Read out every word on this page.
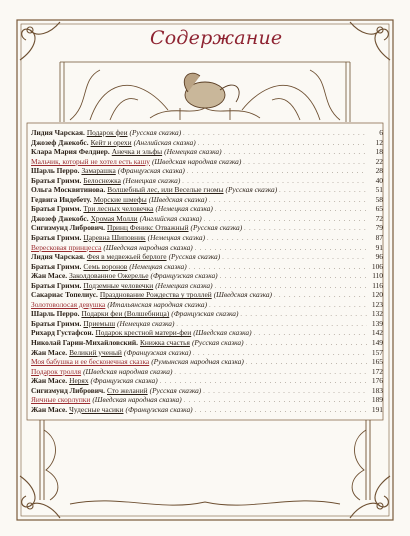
Содержание
Лидия Чарская. Подарок феи (Русская сказка) . . .	6
Джозеф Джекобс. Кейт и орехи (Английская сказка) . . .	12
Клара Мария Фелднер. Анечка и эльфы (Немецкая сказка) . . .	18
Мальчик, который не хотел есть кашу (Шведская народная сказка) . . .	22
Шарль Перро. Замарашка (Французская сказка) . . .	28
Братья Гримм. Белоснежка (Немецкая сказка) . . .	40
Ольга Москвитинова. Волшебный лес, или Веселые гномы (Русская сказка) . . .	51
Гедвига Индебету. Морские шмефы (Шведская сказка) . . .	58
Братья Гримм. Три лесных человечка (Немецкая сказка) . . .	65
Джозеф Джекобс. Хромая Молли (Английская сказка) . . .	72
Сигизмунд Либрович. Принц Феникс Отважный (Русская сказка) . . .	79
Братья Гримм. Царевна Шиповник (Немецкая сказка) . . .	87
Вересковая принцесса (Шведская народная сказка) . . .	91
Лидия Чарская. Фея в медвежьей берлоге (Русская сказка) . . .	96
Братья Гримм. Семь воронов (Немецкая сказка) . . .	106
Жан Масе. Заколдованное Ожерелье (Французская сказка) . . .	110
Братья Гримм. Подземные человечки (Немецкая сказка) . . .	116
Сакариас Топелиус. Празднование Рождества у троллей (Шведская сказка) . . .	120
Золотоволосая девушка (Итальянская народная сказка) . . .	123
Шарль Перро. Подарки феи (Волшебница) (Французская сказка) . . .	132
Братья Гримм. Приемыш (Немецкая сказка) . . .	139
Рихард Густафсон. Подарок крестной матери-феи (Шведская сказка) . . .	142
Николай Гарин-Михайловский. Книжка счастья (Русская сказка) . . .	149
Жан Масе. Великий ученый (Французская сказка) . . .	157
Моя бабушка и ее бесконечная сказка (Румынская народная сказка) . . .	165
Подарок тролля (Шведская народная сказка) . . .	172
Жан Масе. Нерях (Французская сказка) . . .	176
Сигизмунд Либрович. Сто желаний (Русская сказка) . . .	183
Яичные скорлупки (Шведская народная сказка) . . .	189
Жан Масе. Чудесные часики (Французская сказка) . . .	191
